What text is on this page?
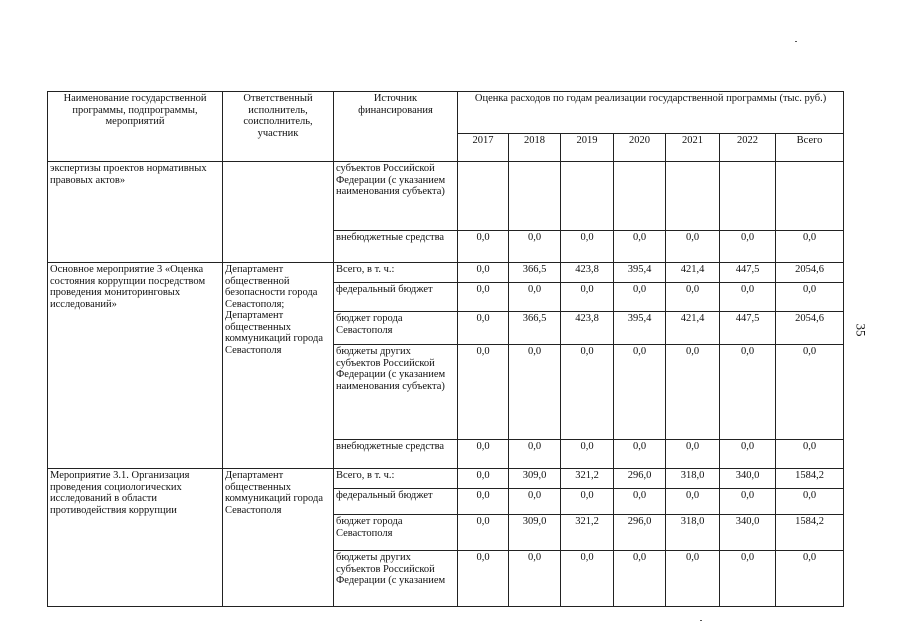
Наименование государственной программы, подпрограммы, мероприятий	Ответственный исполнитель, соисполнитель, участник	Источник финансирования	Оценка расходов по годам реализации государственной программы (тыс. руб.)						
			2017	2018	2019	2020	2021	2022	Всего
экспертизы проектов нормативных правовых актов»		субъектов Российской Федерации (с указанием наименования субъекта)							
		внебюджетные средства	0,0	0,0	0,0	0,0	0,0	0,0	0,0
Основное мероприятие 3 «Оценка состояния коррупции посредством проведения мониторинговых исследований»	Департамент общественной безопасности города Севастополя; Департамент общественных коммуникаций города Севастополя	Всего, в т. ч.:	0,0	366,5	423,8	395,4	421,4	447,5	2054,6
		федеральный бюджет	0,0	0,0	0,0	0,0	0,0	0,0	0,0
		бюджет города Севастополя	0,0	366,5	423,8	395,4	421,4	447,5	2054,6
		бюджеты других субъектов Российской Федерации (с указанием наименования субъекта)	0,0	0,0	0,0	0,0	0,0	0,0	0,0
		внебюджетные средства	0,0	0,0	0,0	0,0	0,0	0,0	0,0
Мероприятие 3.1. Организация проведения социологических исследований в области противодействия коррупции	Департамент общественных коммуникаций города Севастополя	Всего, в т. ч.:	0,0	309,0	321,2	296,0	318,0	340,0	1584,2
		федеральный бюджет	0,0	0,0	0,0	0,0	0,0	0,0	0,0
		бюджет города Севастополя	0,0	309,0	321,2	296,0	318,0	340,0	1584,2
		бюджеты других субъектов Российской Федерации (с указанием	0,0	0,0	0,0	0,0	0,0	0,0	0,0
35
